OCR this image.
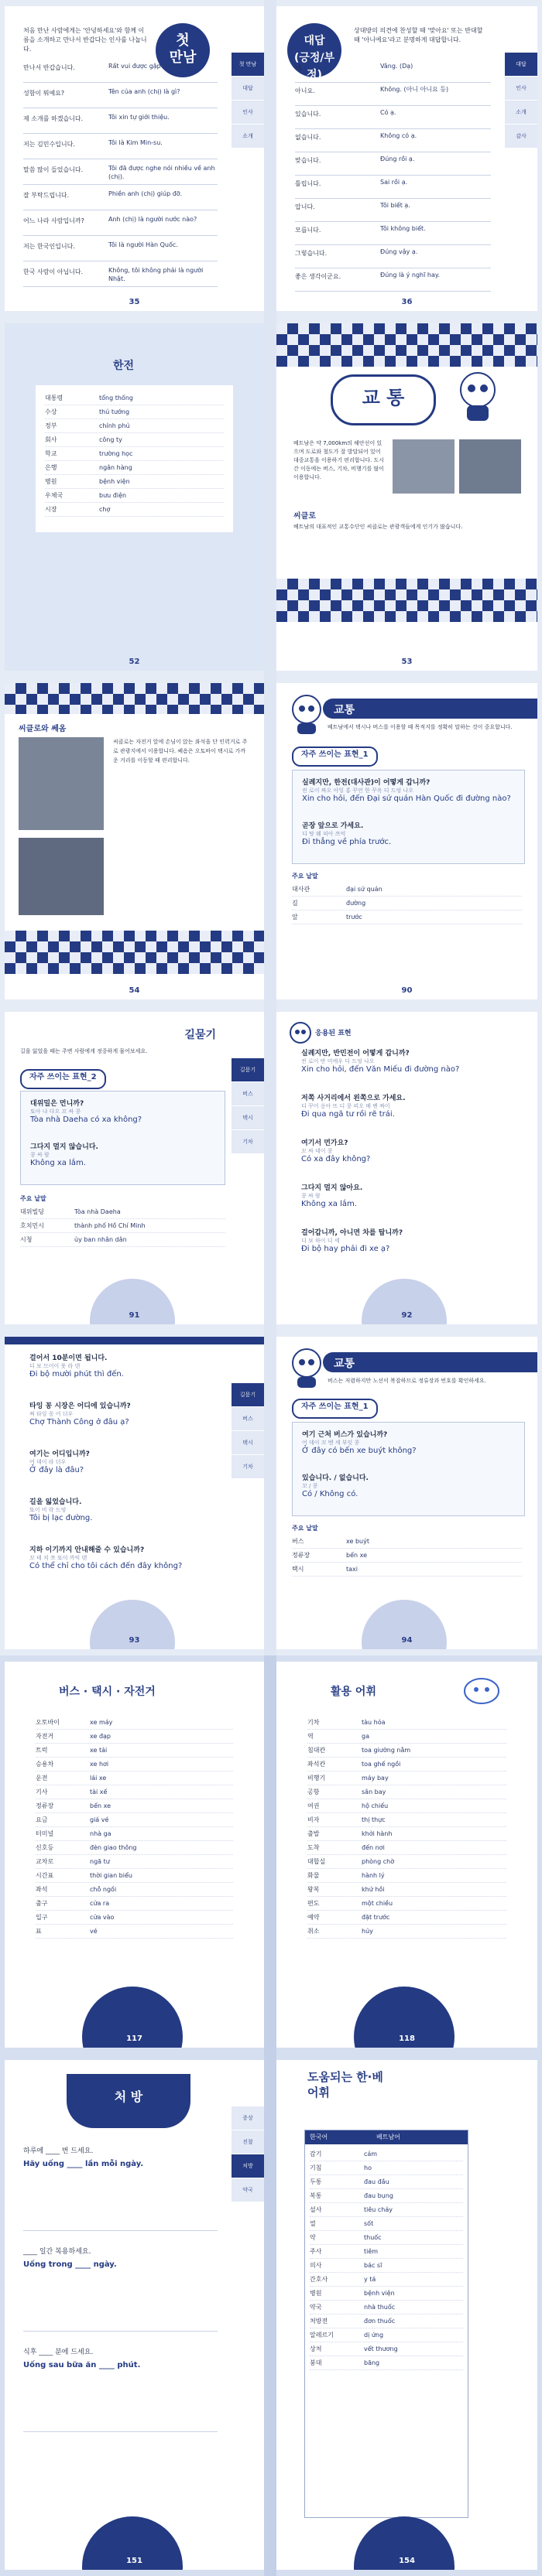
첫
만남
처음 만난 사람에게는 '안녕하세요'와 함께 이름을 소개하고 만나서 반갑다는 인사를 나눕니다.
만나서 반갑습니다.	Rất vui được gặp anh (chị).
성함이 뭐예요?	Tên của anh (chị) là gì?
제 소개를 하겠습니다.	Tôi xin tự giới thiệu.
저는 김민수입니다.	Tôi là Kim Min-su.
말씀 많이 들었습니다.	Tôi đã được nghe nói nhiều về anh (chị).
잘 부탁드립니다.	Phiền anh (chị) giúp đỡ.
어느 나라 사람입니까?	Anh (chị) là người nước nào?
저는 한국인입니다.	Tôi là người Hàn Quốc.
한국 사람이 아닙니다.	Không, tôi không phải là người Nhật.
첫 만남
대답
인사
소개
35
대답
(긍정/부정)
상대방의 의견에 찬성할 때 '맞아요' 또는 반대할 때 '아니에요'라고 분명하게 대답합니다.
네.	Vâng. (Dạ)
아니요.	Không. (아니 아니요 등)
있습니다.	Có ạ.
없습니다.	Không có ạ.
맞습니다.	Đúng rồi ạ.
틀립니다.	Sai rồi ạ.
압니다.	Tôi biết ạ.
모릅니다.	Tôi không biết.
그렇습니다.	Đúng vậy ạ.
좋은 생각이군요.	Đúng là ý nghĩ hay.
대답
인사
소개
감사
36
한전
대통령	tổng thống
수상	thủ tướng
정부	chính phủ
회사	công ty
학교	trường học
은행	ngân hàng
병원	bệnh viện
우체국	bưu điện
시장	chợ
52
교 통
베트남은 약 7,000km의 해안선이 있으며 도로와 철도가 잘 발달되어 있어 대중교통을 이용하기 편리합니다. 도시 간 이동에는 버스, 기차, 비행기를 많이 이용합니다.
씨클로
베트남의 대표적인 교통수단인 씨클로는 관광객들에게 인기가 많습니다.
53
씨클로와 쎄옴
씨클로는 자전거 앞에 손님이 앉는 좌석을 단 인력거로 주로 관광지에서 이용합니다. 쎄옴은 오토바이 택시로 가까운 거리를 이동할 때 편리합니다.
54
교통
베트남에서 택시나 버스를 이용할 때 목적지를 정확히 말하는 것이 중요합니다.
자주 쓰이는 표현_1
실례지만, 한전(대사관)이 어떻게 갑니까?
씬 로이 짜오 아잉 홍 꾸언 한 꾸옥 디 드엉 나오
Xin cho hỏi, đến Đại sứ quán Hàn Quốc đi đường nào?
곧장 앞으로 가세요.
디 탕 웨 피아 쯔억
Đi thẳng về phía trước.
주요 낱말
대사관	đại sứ quán
길	đường
앞	trước
90
길묻기
길을 잃었을 때는 주변 사람에게 정중하게 물어보세요.
자주 쓰이는 표현_2
대위밀은 먼니까?
또아 냐 다오 꼬 싸 콩
Tòa nhà Daeha có xa không?
그다지 멀지 않습니다.
콩 싸 람
Không xa lắm.
주요 낱말
대위빌딩	Tòa nhà Daeha
호치민시	thành phố Hồ Chí Minh
시청	ủy ban nhân dân
길묻기
버스
택시
기차
91
응용된 표현
실례지만, 반민전이 어떻게 갑니까?
씬 로이 반 미에우 디 드엉 나오
Xin cho hỏi, đến Văn Miếu đi đường nào?
저쪽 사거리에서 왼쪽으로 가세요.
디 꾸어 응아 뜨 디 콩 띠오 베 벤 짜이
Đi qua ngã tư rồi rẽ trái.
여기서 먼가요?
꼬 싸 데이 콩
Có xa đây không?
그다지 멀지 않아요.
콩 싸 람
Không xa lắm.
걸어갑니까, 아니면 차를 탑니까?
디 보 하이 디 세
Đi bộ hay phải đi xe ạ?
92
걸어서 10분이면 됩니다.
디 보 므어이 풋 라 덴
Đi bộ mười phút thì đến.
타잉 꽁 시장은 어디에 있습니까?
쩌 타잉 꽁 어 더우
Chợ Thành Công ở đâu ạ?
여기는 어디입니까?
어 데이 라 더우
Ở đây là đâu?
길을 잃었습니다.
또이 비 락 드엉
Tôi bị lạc đường.
지하 이기까지 안내해줄 수 있습니까?
꼬 테 치 쪼 또이 까익 덴
Có thể chỉ cho tôi cách đến đây không?
길묻기
버스
택시
기차
93
교통
버스는 저렴하지만 노선이 복잡하므로 정류장과 번호를 확인하세요.
자주 쓰이는 표현_1
여기 근처 버스가 있습니까?
어 데이 꼬 벤 세 부잇 콩
Ở đây có bến xe buýt không?
있습니다. / 없습니다.
꼬 / 콩
Có / Không có.
주요 낱말
버스	xe buýt
정류장	bến xe
택시	taxi
94
버스 · 택시 · 자전거
오토바이	xe máy
자전거	xe đạp
트럭	xe tải
승용차	xe hơi
운전	lái xe
기사	tài xế
정류장	bến xe
요금	giá vé
터미널	nhà ga
신호등	đèn giao thông
교차로	ngã tư
시간표	thời gian biểu
좌석	chỗ ngồi
출구	cửa ra
입구	cửa vào
표	vé
117
활용 어휘
기차	tàu hỏa
역	ga
침대칸	toa giường nằm
좌석칸	toa ghế ngồi
비행기	máy bay
공항	sân bay
여권	hộ chiếu
비자	thị thực
출발	khởi hành
도착	đến nơi
대합실	phòng chờ
화물	hành lý
왕복	khứ hồi
편도	một chiều
예약	đặt trước
취소	hủy
118
처 방
하루에 ____ 번 드세요.
Hãy uống ____ lần mỗi ngày.
____ 일간 복용하세요.
Uống trong ____ ngày.
식후 ____ 분에 드세요.
Uống sau bữa ăn ____ phút.
증상
진찰
처방
약국
151
도움되는 한·베 어휘
한국어	베트남어
감기	cảm
기침	ho
두통	đau đầu
복통	đau bụng
설사	tiêu chảy
열	sốt
약	thuốc
주사	tiêm
의사	bác sĩ
간호사	y tá
병원	bệnh viện
약국	nhà thuốc
처방전	đơn thuốc
알레르기	dị ứng
상처	vết thương
붕대	băng
154
